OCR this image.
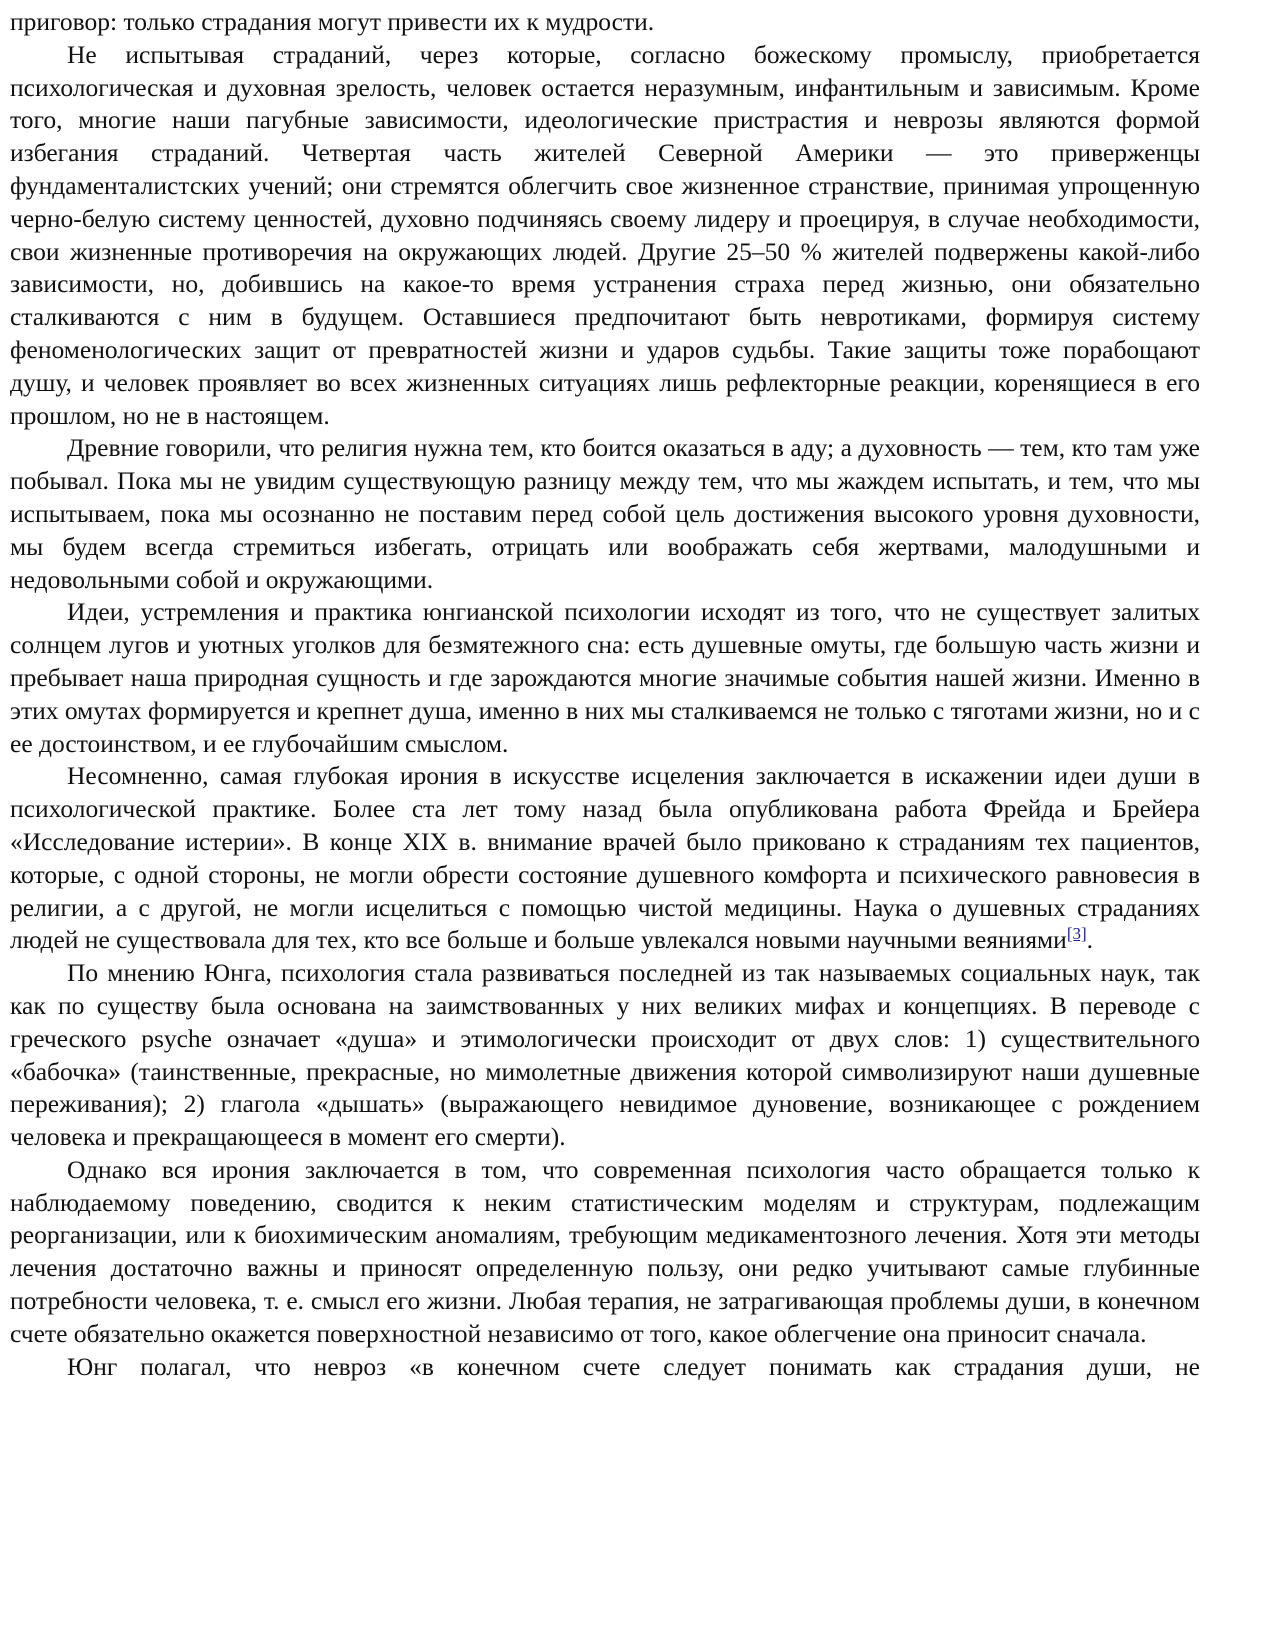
приговор: только страдания могут привести их к мудрости.

Не испытывая страданий, через которые, согласно божескому промыслу, приобретается психологическая и духовная зрелость, человек остается неразумным, инфантильным и зависимым. Кроме того, многие наши пагубные зависимости, идеологические пристрастия и неврозы являются формой избегания страданий. Четвертая часть жителей Северной Америки — это приверженцы фундаменталистских учений; они стремятся облегчить свое жизненное странствие, принимая упрощенную черно-белую систему ценностей, духовно подчиняясь своему лидеру и проецируя, в случае необходимости, свои жизненные противоречия на окружающих людей. Другие 25–50 % жителей подвержены какой-либо зависимости, но, добившись на какое-то время устранения страха перед жизнью, они обязательно сталкиваются с ним в будущем. Оставшиеся предпочитают быть невротиками, формируя систему феноменологических защит от превратностей жизни и ударов судьбы. Такие защиты тоже порабощают душу, и человек проявляет во всех жизненных ситуациях лишь рефлекторные реакции, коренящиеся в его прошлом, но не в настоящем.

Древние говорили, что религия нужна тем, кто боится оказаться в аду; а духовность — тем, кто там уже побывал. Пока мы не увидим существующую разницу между тем, что мы жаждем испытать, и тем, что мы испытываем, пока мы осознанно не поставим перед собой цель достижения высокого уровня духовности, мы будем всегда стремиться избегать, отрицать или воображать себя жертвами, малодушными и недовольными собой и окружающими.

Идеи, устремления и практика юнгианской психологии исходят из того, что не существует залитых солнцем лугов и уютных уголков для безмятежного сна: есть душевные омуты, где большую часть жизни и пребывает наша природная сущность и где зарождаются многие значимые события нашей жизни. Именно в этих омутах формируется и крепнет душа, именно в них мы сталкиваемся не только с тяготами жизни, но и с ее достоинством, и ее глубочайшим смыслом.

Несомненно, самая глубокая ирония в искусстве исцеления заключается в искажении идеи души в психологической практике. Более ста лет тому назад была опубликована работа Фрейда и Брейера «Исследование истерии». В конце XIX в. внимание врачей было приковано к страданиям тех пациентов, которые, с одной стороны, не могли обрести состояние душевного комфорта и психического равновесия в религии, а с другой, не могли исцелиться с помощью чистой медицины. Наука о душевных страданиях людей не существовала для тех, кто все больше и больше увлекался новыми научными веяниями[3].

По мнению Юнга, психология стала развиваться последней из так называемых социальных наук, так как по существу была основана на заимствованных у них великих мифах и концепциях. В переводе с греческого psyche означает «душа» и этимологически происходит от двух слов: 1) существительного «бабочка» (таинственные, прекрасные, но мимолетные движения которой символизируют наши душевные переживания); 2) глагола «дышать» (выражающего невидимое дуновение, возникающее с рождением человека и прекращающееся в момент его смерти).

Однако вся ирония заключается в том, что современная психология часто обращается только к наблюдаемому поведению, сводится к неким статистическим моделям и структурам, подлежащим реорганизации, или к биохимическим аномалиям, требующим медикаментозного лечения. Хотя эти методы лечения достаточно важны и приносят определенную пользу, они редко учитывают самые глубинные потребности человека, т. е. смысл его жизни. Любая терапия, не затрагивающая проблемы души, в конечном счете обязательно окажется поверхностной независимо от того, какое облегчение она приносит сначала.

Юнг полагал, что невроз «в конечном счете следует понимать как страдания души, не
